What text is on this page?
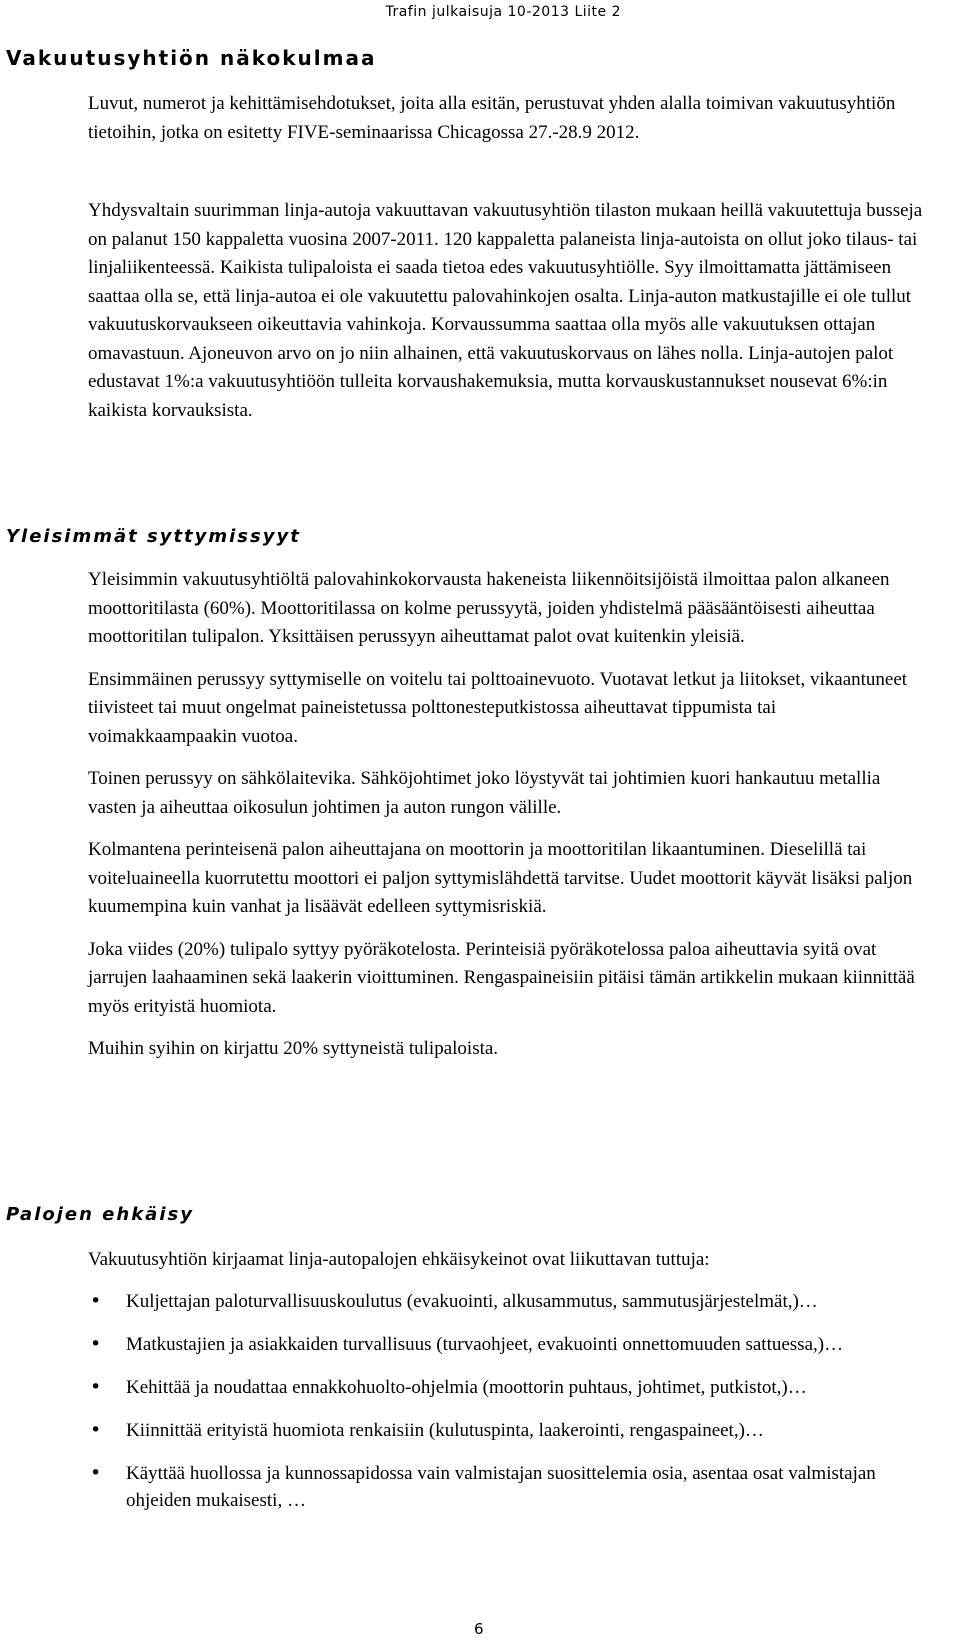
Trafin julkaisuja 10-2013 Liite 2
Vakuutusyhtiön näkokulmaa

Luvut, numerot ja kehittämisehdotukset, joita alla esitän, perustuvat yhden alalla toimivan vakuutusyhtiön tietoihin, jotka on esitetty FIVE-seminaarissa Chicagossa 27.-28.9 2012.

Yhdysvaltain suurimman linja-autoja vakuuttavan vakuutusyhtiön tilaston mukaan heillä vakuutettuja busseja on palanut 150 kappaletta vuosina 2007-2011. 120 kappaletta palaneista linja-autoista on ollut joko tilaus- tai linjaliikenteessä. Kaikista tulipaloista ei saada tietoa edes vakuutusyhtiölle. Syy ilmoittamatta jättämiseen saattaa olla se, että linja-autoa ei ole vakuutettu palovahinkojen osalta. Linja-auton matkustajille ei ole tullut vakuutuskorvaukseen oikeuttavia vahinkoja. Korvaussumma saattaa olla myös alle vakuutuksen ottajan omavastuun. Ajoneuvon arvo on jo niin alhainen, että vakuutuskorvaus on lähes nolla. Linja-autojen palot edustavat 1%:a vakuutusyhtiöön tulleita korvaushakemuksia, mutta korvauskustannukset nousevat 6%:in kaikista korvauksista.

Yleisimmät syttymissyyt

Yleisimmin vakuutusyhtiöltä palovahinkokorvausta hakeneista liikennöitsijöistä ilmoittaa palon alkaneen moottoritilasta (60%). Moottoritilassa on kolme perussyytä, joiden yhdistelmä pääsääntöisesti aiheuttaa moottoritilan tulipalon. Yksittäisen perussyyn aiheuttamat palot ovat kuitenkin yleisiä.

Ensimmäinen perussyy syttymiselle on voitelu tai polttoainevuoto. Vuotavat letkut ja liitokset, vikaantuneet tiivisteet tai muut ongelmat paineistetussa polttonesteputkistossa aiheuttavat tippumista tai voimakkaampaakin vuotoa.

Toinen perussyy on sähkölaitevika. Sähköjohtimet joko löystyvät tai johtimien kuori hankautuu metallia vasten ja aiheuttaa oikosulun johtimen ja auton rungon välille.

Kolmantena perinteisenä palon aiheuttajana on moottorin ja moottoritilan likaantuminen. Dieselillä tai voiteluaineella kuorrutettu moottori ei paljon syttymislähdettä tarvitse. Uudet moottorit käyvät lisäksi paljon kuumempina kuin vanhat ja lisäävät edelleen syttymisriskiä.

Joka viides (20%) tulipalo syttyy pyöräkotelosta. Perinteisiä pyöräkotelossa paloa aiheuttavia syitä ovat jarrujen laahaaminen sekä laakerin vioittuminen. Rengaspaineisiin pitäisi tämän artikkelin mukaan kiinnittää myös erityistä huomiota.

Muihin syihin on kirjattu 20% syttyneistä tulipaloista.

Palojen ehkäisy

Vakuutusyhtiön kirjaamat linja-autopalojen ehkäisykeinot ovat liikuttavan tuttuja:

• Kuljettajan paloturvallisuuskoulutus (evakuointi, alkusammutus, sammutusjärjestelmät,)…
• Matkustajien ja asiakkaiden turvallisuus (turvaohjeet, evakuointi onnettomuuden sattuessa,)…
• Kehittää ja noudattaa ennakkohuolto-ohjelmia (moottorin puhtaus, johtimet, putkistot,)…
• Kiinnittää erityistä huomiota renkaisiin (kulutuspinta, laakerointi, rengaspaineet,)…
• Käyttää huollossa ja kunnossapidossa vain valmistajan suosittelemia osia, asentaa osat valmistajan ohjeiden mukaisesti, …
6
